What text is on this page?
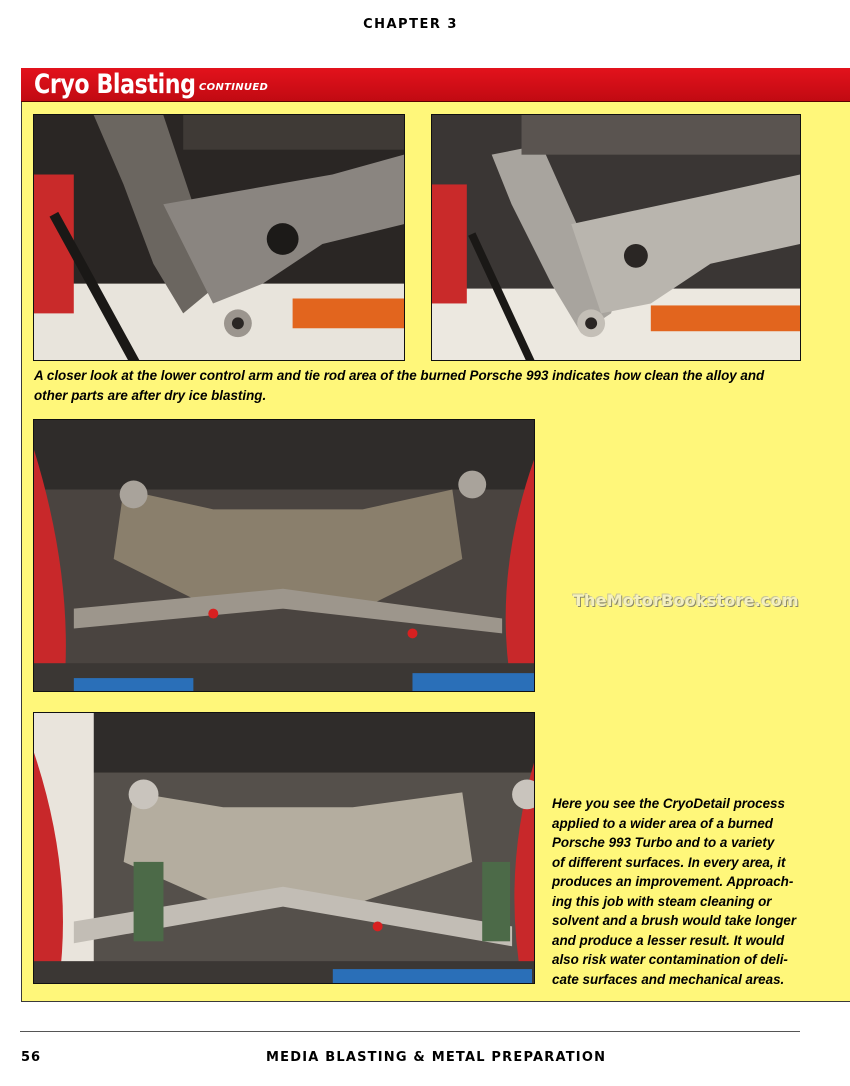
CHAPTER 3
Cryo Blasting CONTINUED
A closer look at the lower control arm and tie rod area of the burned Porsche 993 indicates how clean the alloy and other parts are after dry ice blasting.
TheMotorBookstore.com
Here you see the CryoDetail process
applied to a wider area of a burned
Porsche 993 Turbo and to a variety
of different surfaces. In every area, it
produces an improvement. Approach-
ing this job with steam cleaning or
solvent and a brush would take longer
and produce a lesser result. It would
also risk water contamination of deli-
cate surfaces and mechanical areas.
56	MEDIA BLASTING & METAL PREPARATION
